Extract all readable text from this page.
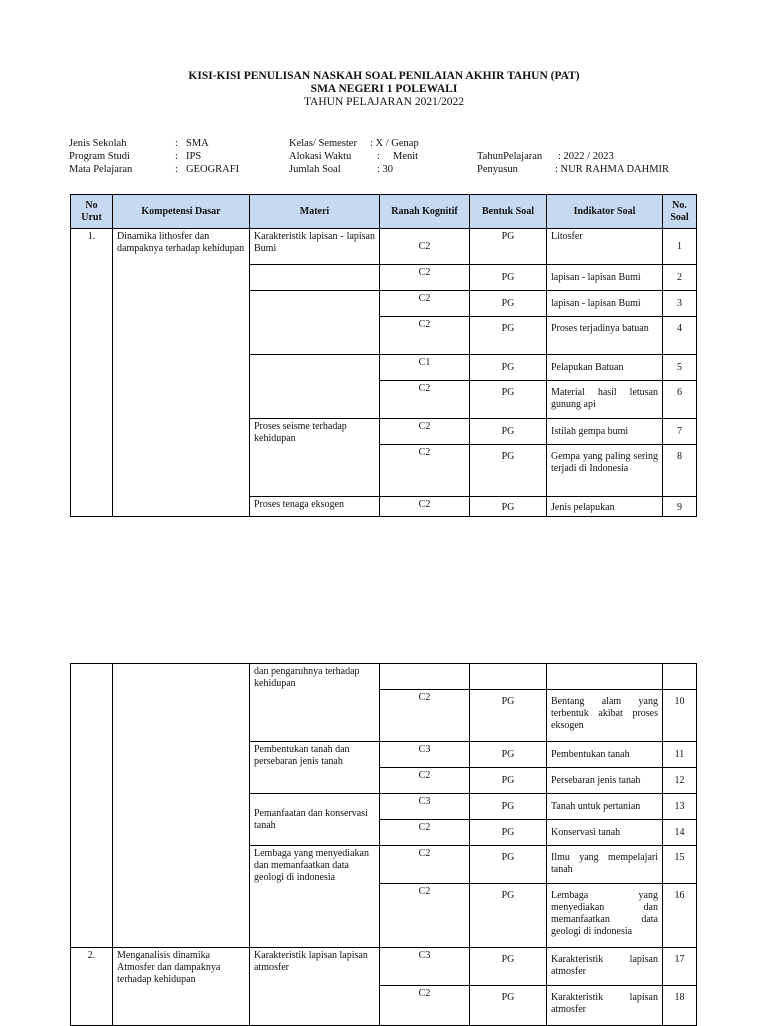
KISI-KISI PENULISAN NASKAH SOAL PENILAIAN AKHIR TAHUN (PAT)
SMA NEGERI 1 POLEWALI
TAHUN PELAJARAN 2021/2022
Jenis Sekolah	: SMA
Program Studi	: IPS
Mata Pelajaran	: GEOGRAFI
Kelas/ Semester : X / Genap
Alokasi Waktu : Menit
Jumlah Soal	: 30
TahunPelajaran : 2022 / 2023
Penyusun	: NUR RAHMA DAHMIR
No Urut	Kompetensi Dasar	Materi	Ranah Kognitif	Bentuk Soal	Indikator Soal	No. Soal
1.	Dinamika lithosfer dan dampaknya terhadap kehidupan	Karakteristik lapisan - lapisan Bumi	C2	PG	Litosfer	1
			C2	PG	lapisan - lapisan Bumi	2
			C2	PG	lapisan - lapisan Bumi	3
			C2	PG	Proses terjadinya batuan	4
			C1	PG	Pelapukan Batuan	5
			C2	PG	Material hasil letusan gunung api	6
		Proses seisme terhadap kehidupan	C2	PG	Istilah gempa bumi	7
			C2	PG	Gempa yang paling sering terjadi di Indonesia	8
		Proses tenaga eksogen	C2	PG	Jenis pelapukan	9
		dan pengaruhnya terhadap kehidupan				
			C2	PG	Bentang alam yang terbentuk akibat proses eksogen	10
		Pembentukan tanah dan persebaran jenis tanah	C3	PG	Pembentukan tanah	11
			C2	PG	Persebaran jenis tanah	12
		Pemanfaatan dan konservasi tanah	C3	PG	Tanah untuk pertanian	13
			C2	PG	Konservasi tanah	14
		Lembaga yang menyediakan dan memanfaatkan data geologi di indonesia	C2	PG	Ilmu yang mempelajari tanah	15
			C2	PG	Lembaga yang menyediakan dan memanfaatkan data geologi di indonesia	16
2.	Menganalisis dinamika Atmosfer dan dampaknya terhadap kehidupan	Karakteristik lapisan lapisan atmosfer	C3	PG	Karakteristik lapisan atmosfer	17
			C2	PG	Karakteristik lapisan atmosfer	18
